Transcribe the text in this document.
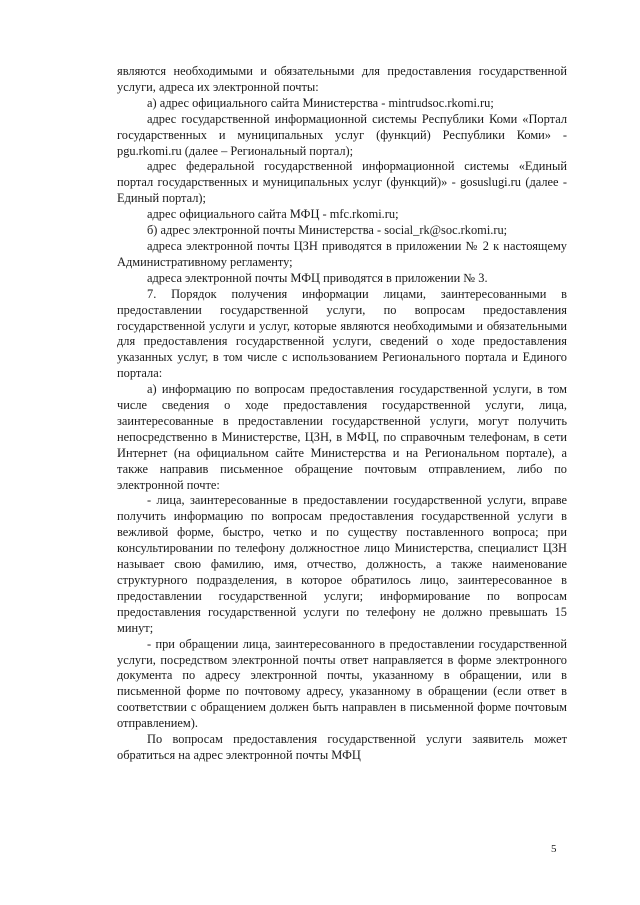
являются необходимыми и обязательными для предоставления государственной услуги, адреса их электронной почты:

а) адрес официального сайта Министерства - mintrudsoc.rkomi.ru;

адрес государственной информационной системы Республики Коми «Портал государственных и муниципальных услуг (функций) Республики Коми» - pgu.rkomi.ru (далее – Региональный портал);

адрес федеральной государственной информационной системы «Единый портал государственных и муниципальных услуг (функций)» - gosuslugi.ru (далее - Единый портал);

адрес официального сайта МФЦ - mfc.rkomi.ru;

б) адрес электронной почты Министерства - social_rk@soc.rkomi.ru;

адреса электронной почты ЦЗН приводятся в приложении № 2 к настоящему Административному регламенту;

адреса электронной почты МФЦ приводятся в приложении № 3.

7. Порядок получения информации лицами, заинтересованными в предоставлении государственной услуги, по вопросам предоставления государственной услуги и услуг, которые являются необходимыми и обязательными для предоставления государственной услуги, сведений о ходе предоставления указанных услуг, в том числе с использованием Регионального портала и Единого портала:

а) информацию по вопросам предоставления государственной услуги, в том числе сведения о ходе предоставления государственной услуги, лица, заинтересованные в предоставлении государственной услуги, могут получить непосредственно в Министерстве, ЦЗН, в МФЦ, по справочным телефонам, в сети Интернет (на официальном сайте Министерства и на Региональном портале), а также направив письменное обращение почтовым отправлением, либо по электронной почте:

- лица, заинтересованные в предоставлении государственной услуги, вправе получить информацию по вопросам предоставления государственной услуги в вежливой форме, быстро, четко и по существу поставленного вопроса; при консультировании по телефону должностное лицо Министерства, специалист ЦЗН называет свою фамилию, имя, отчество, должность, а также наименование структурного подразделения, в которое обратилось лицо, заинтересованное в предоставлении государственной услуги; информирование по вопросам предоставления государственной услуги по телефону не должно превышать 15 минут;

- при обращении лица, заинтересованного в предоставлении государственной услуги, посредством электронной почты ответ направляется в форме электронного документа по адресу электронной почты, указанному в обращении, или в письменной форме по почтовому адресу, указанному в обращении (если ответ в соответствии с обращением должен быть направлен в письменной форме почтовым отправлением).

По вопросам предоставления государственной услуги заявитель может обратиться на адрес электронной почты МФЦ

5
